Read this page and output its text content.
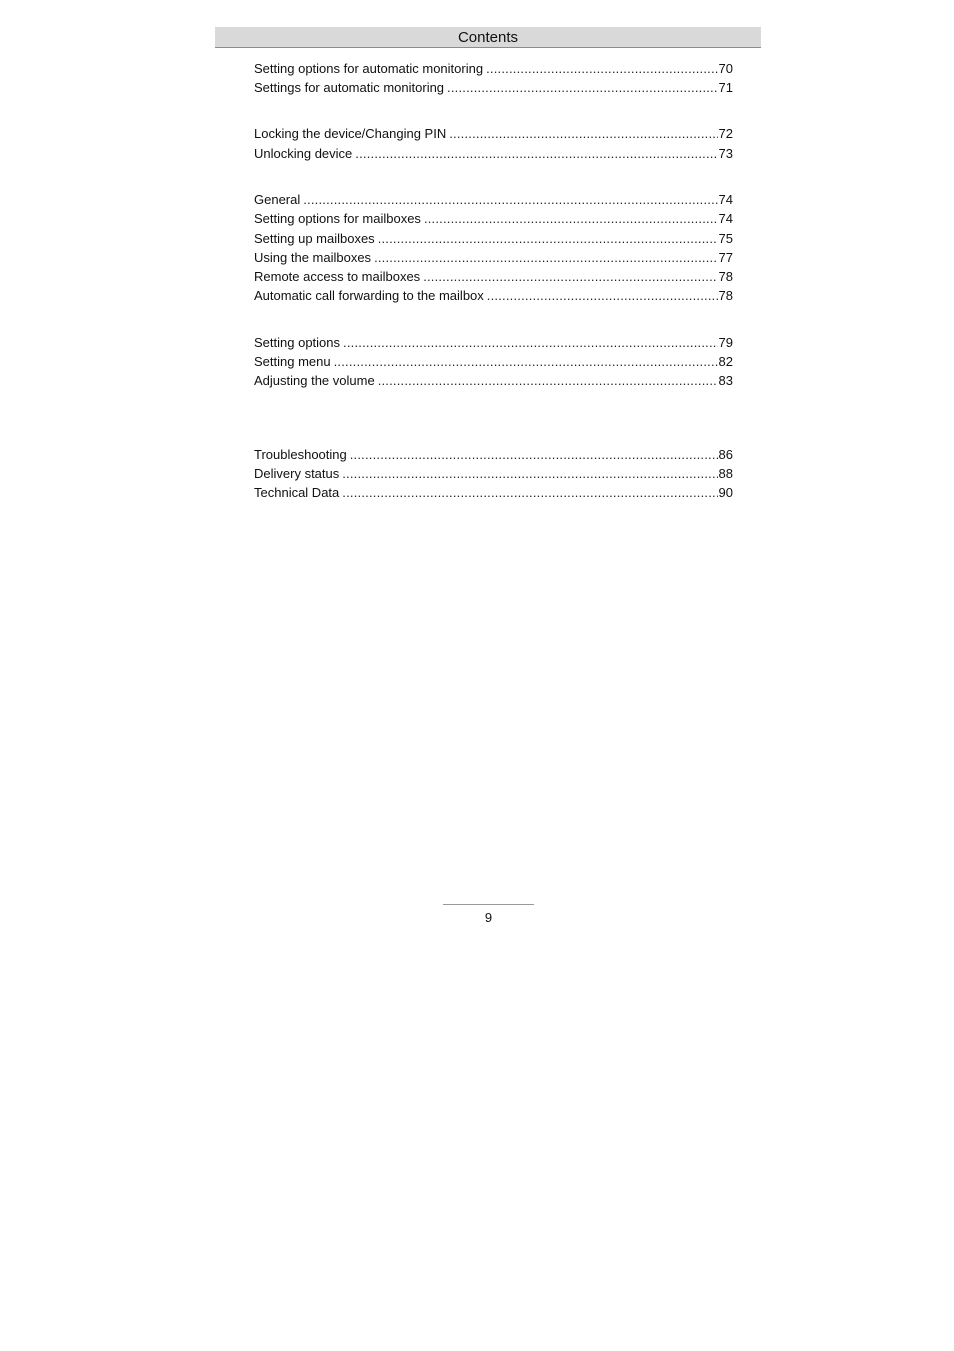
Contents
Setting options for automatic monitoring .....	70
Settings for automatic monitoring .....	71
Locking the device/Changing PIN .....	72
Unlocking device .....	73
General .....	74
Setting options for mailboxes .....	74
Setting up mailboxes .....	75
Using the mailboxes .....	77
Remote access to mailboxes .....	78
Automatic call forwarding to the mailbox .....	78
Setting options .....	79
Setting menu .....	82
Adjusting the volume .....	83
Troubleshooting .....	86
Delivery status .....	88
Technical Data .....	90
9
